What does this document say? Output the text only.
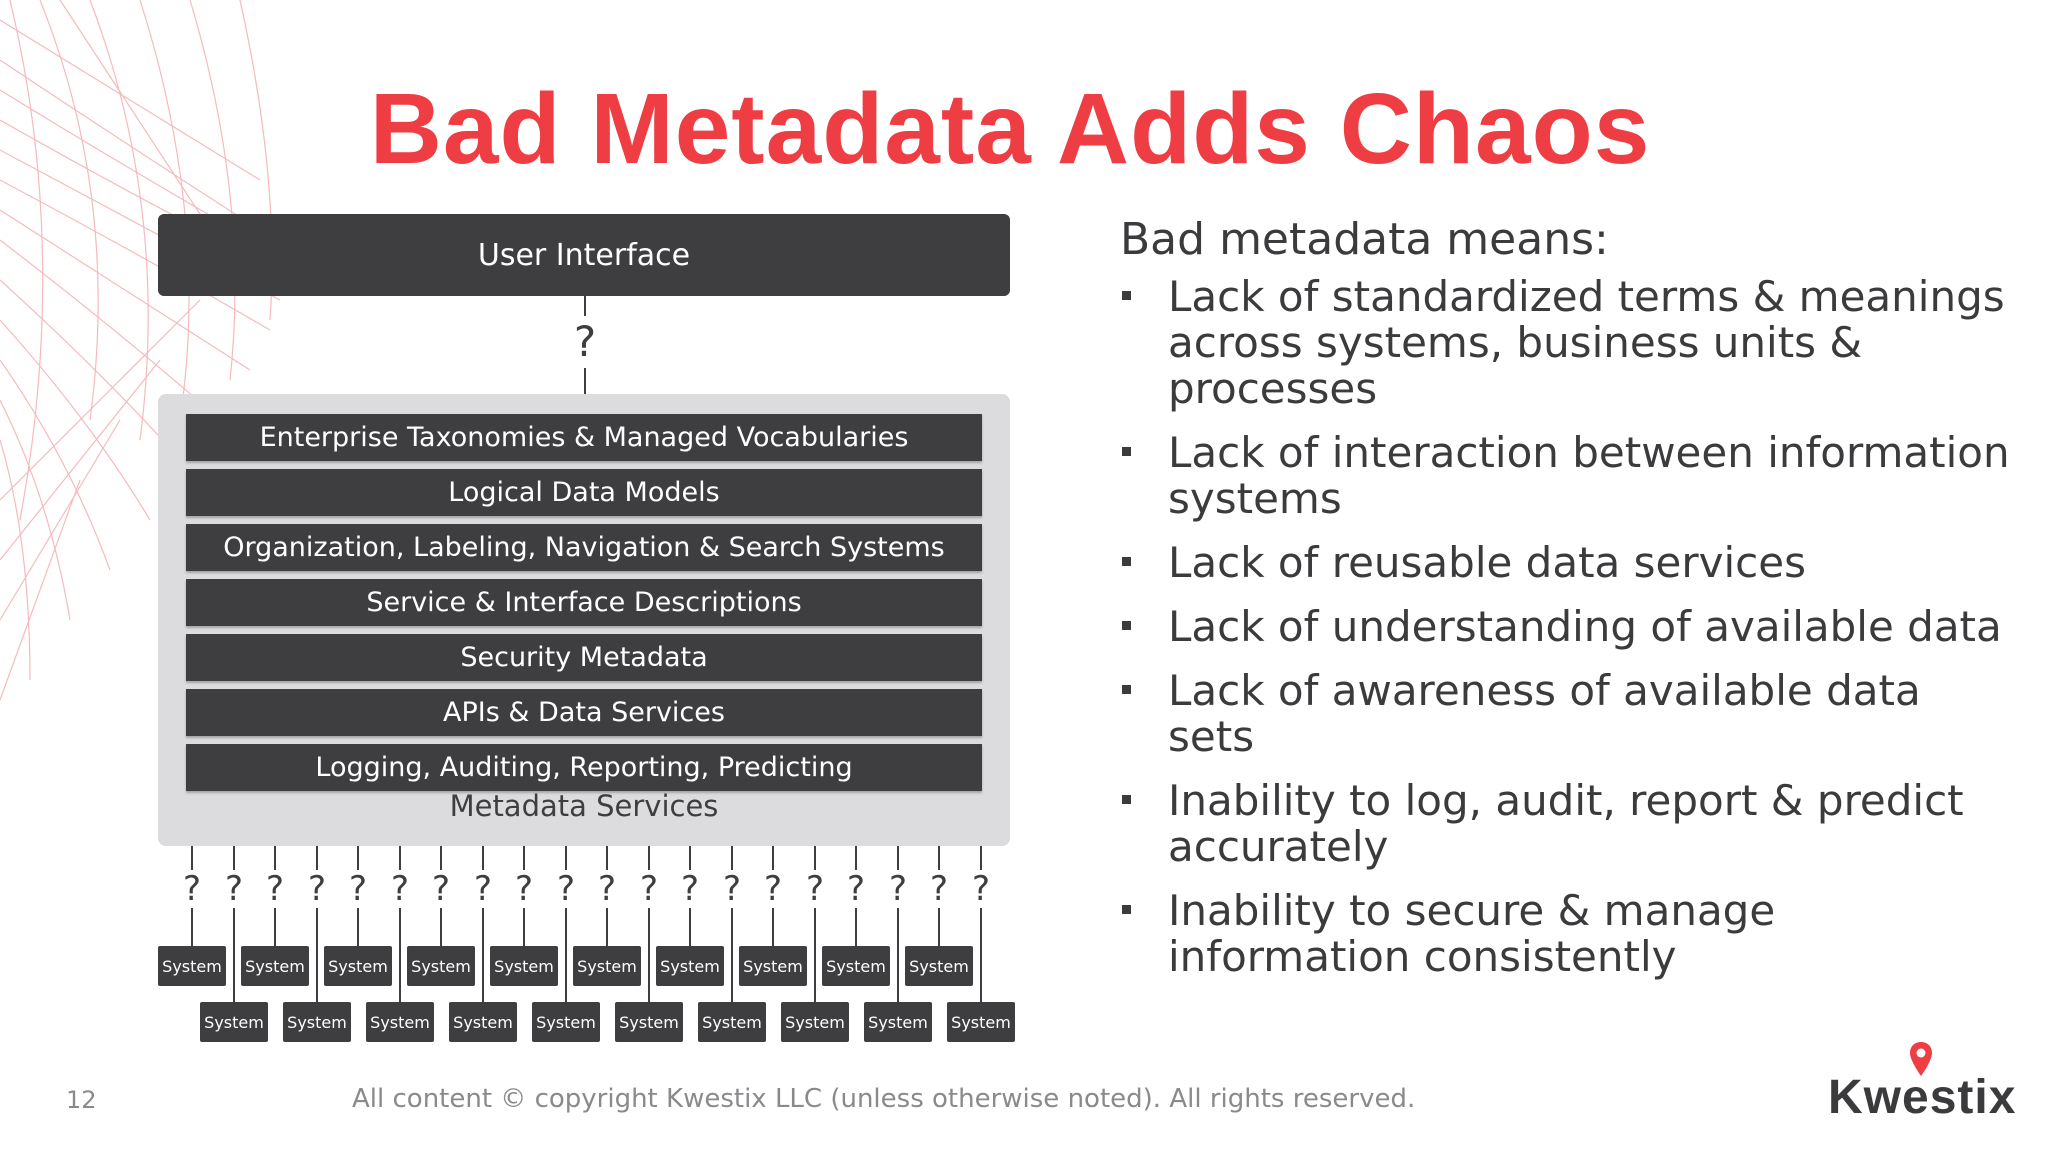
Bad Metadata Adds Chaos
User Interface
?
Enterprise Taxonomies & Managed Vocabularies
Logical Data Models
Organization, Labeling, Navigation & Search Systems
Service & Interface Descriptions
Security Metadata
APIs & Data Services
Logging, Auditing, Reporting, Predicting
Metadata Services
?
System
?
System
?
System
?
System
?
System
?
System
?
System
?
System
?
System
?
System
?
System
?
System
?
System
?
System
?
System
?
System
?
System
?
System
?
System
?
System

Bad metadata means:

Lack of standardized terms & meanings across systems, business units & processes
Lack of interaction between information systems
Lack of reusable data services
Lack of understanding of available data
Lack of awareness of available data sets
Inability to log, audit, report & predict accurately
Inability to secure & manage information consistently
12	All content © copyright Kwestix LLC (unless otherwise noted). All rights reserved.	Kwestix
